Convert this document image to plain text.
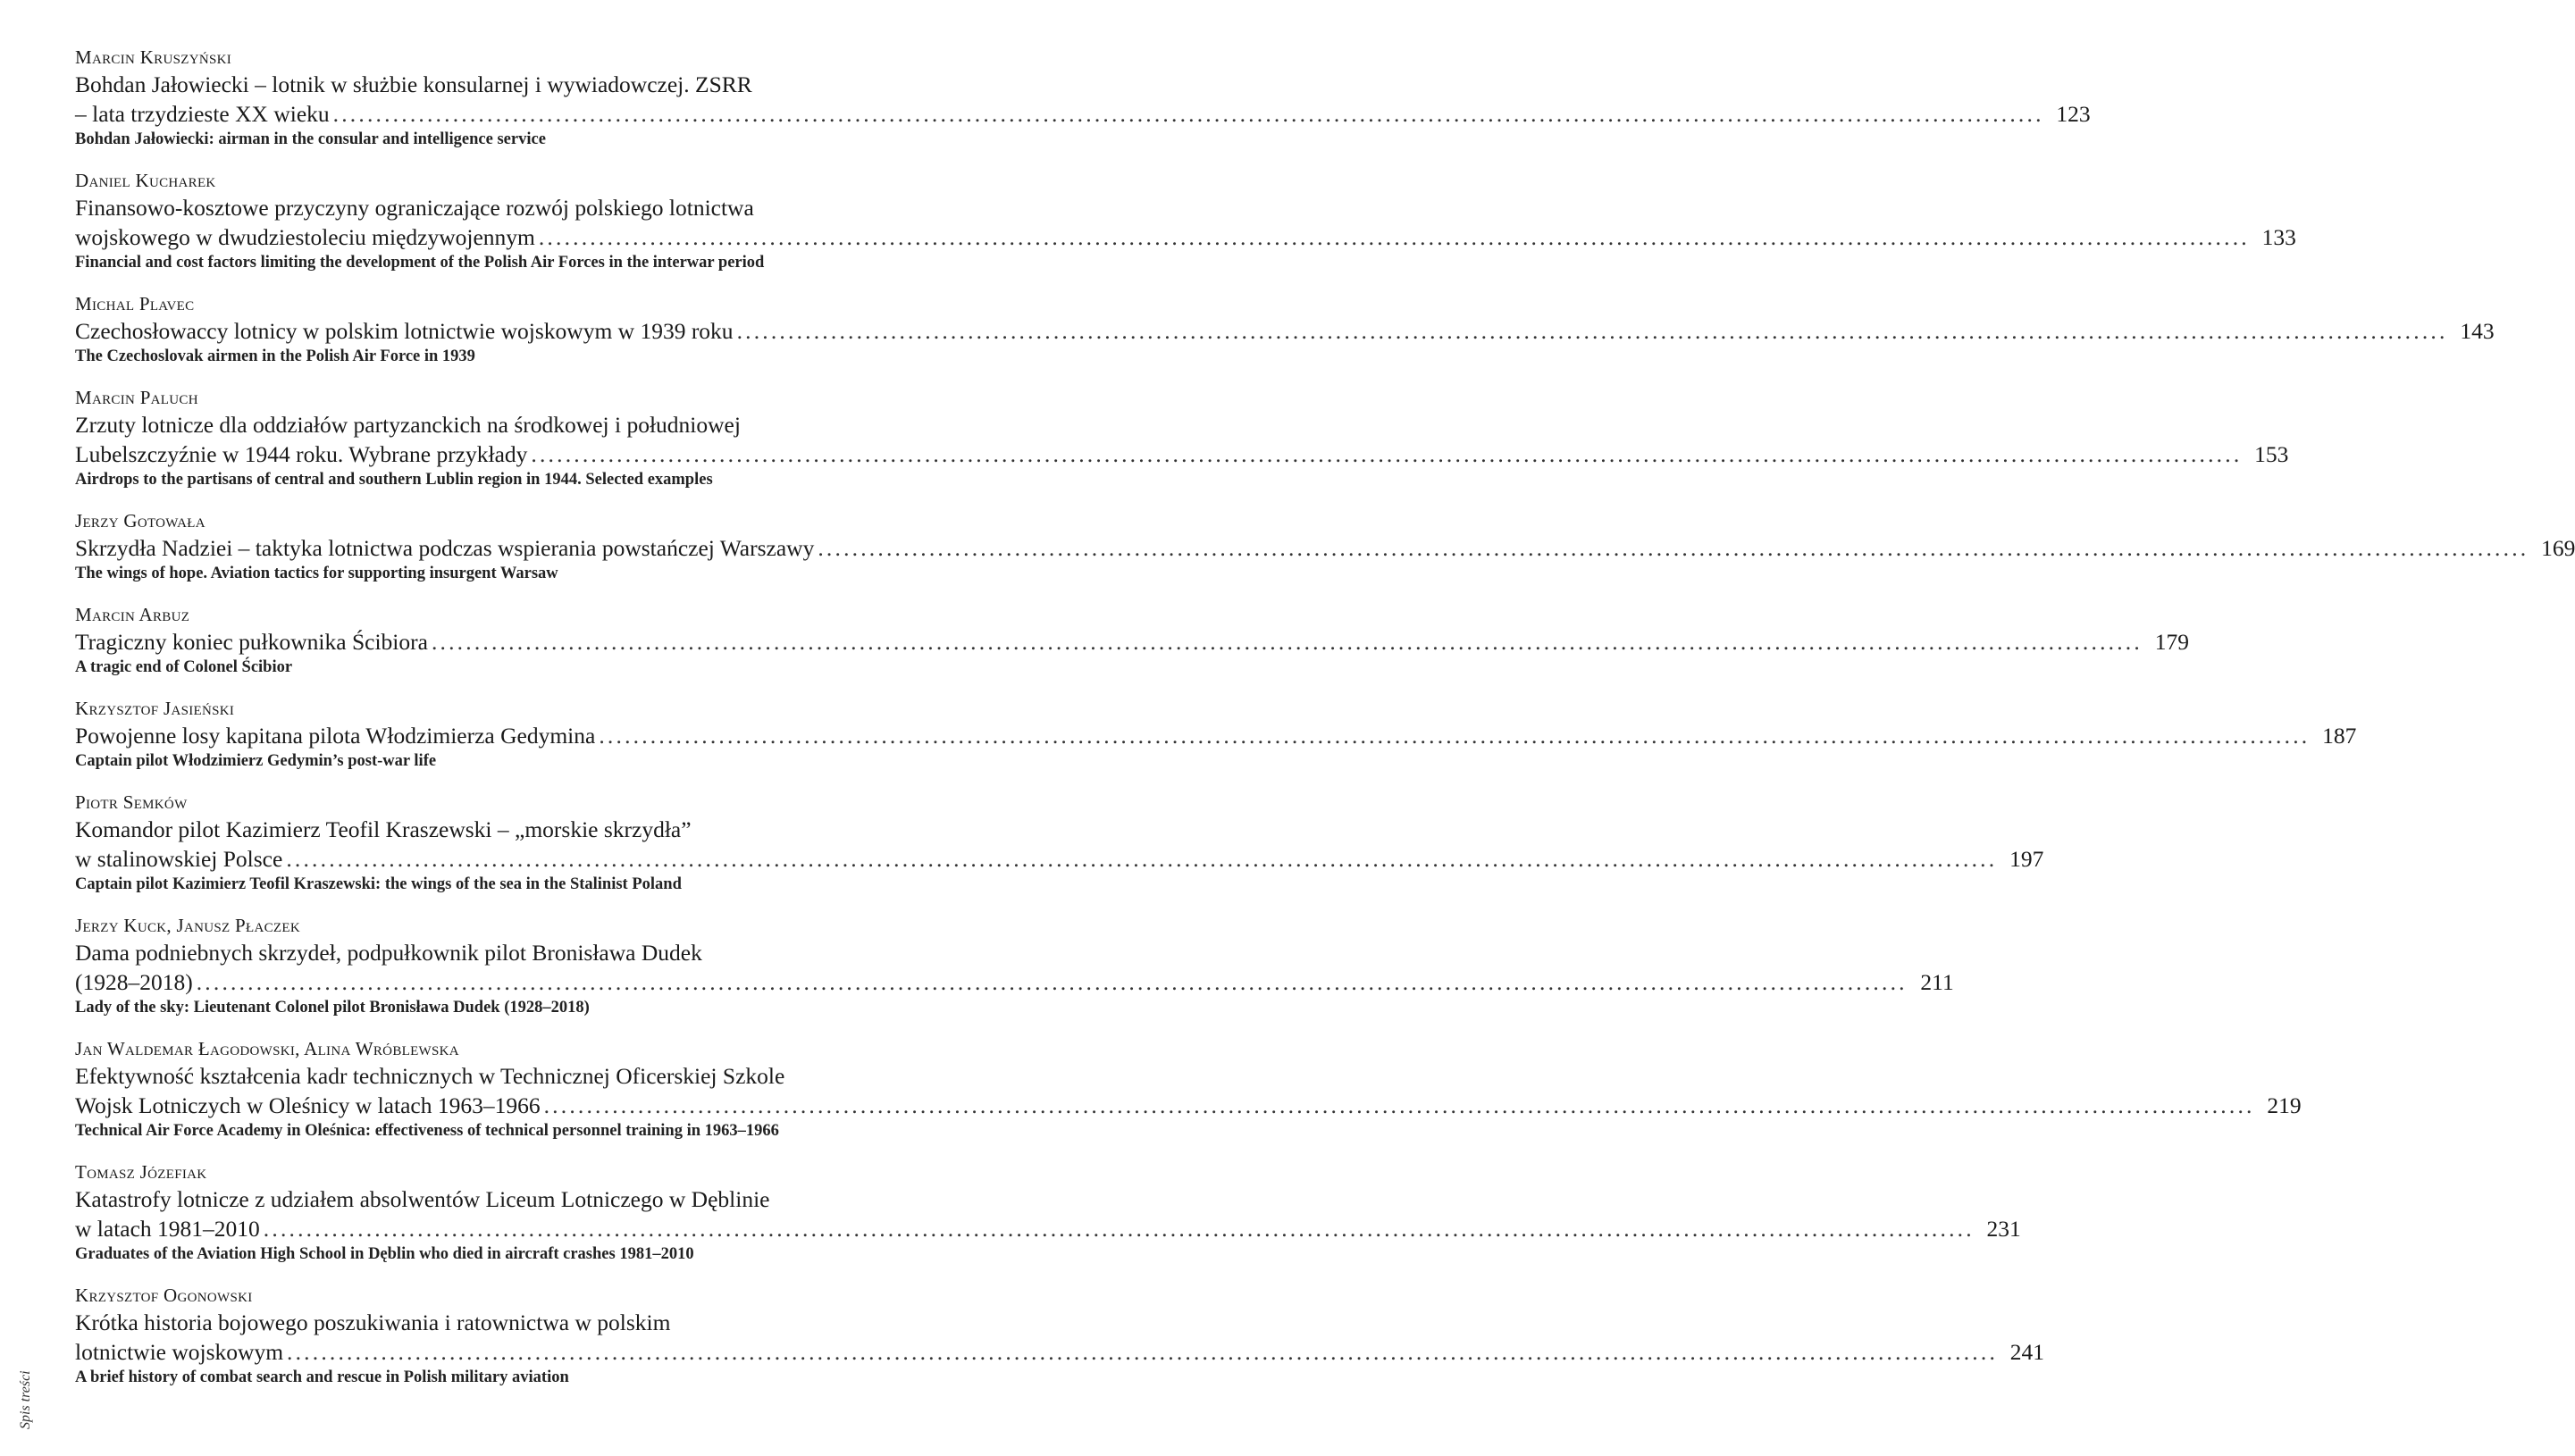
Spis treści
Marcin Kruszyński
Bohdan Jałowiecki – lotnik w służbie konsularnej i wywiadowczej. ZSRR
– lata trzydzieste XX wieku ........................................................................................................................................................................................................ 123
Bohdan Jałowiecki: airman in the consular and intelligence service
Daniel Kucharek
Finansowo-kosztowe przyczyny ograniczające rozwój polskiego lotnictwa
wojskowego w dwudziestoleciu międzywojennym ........................................................................................................................................................................................................ 133
Financial and cost factors limiting the development of the Polish Air Forces in the interwar period
Michal Plavec
Czechosłowaccy lotnicy w polskim lotnictwie wojskowym w 1939 roku ........................................................................................................................................................................................................ 143
The Czechoslovak airmen in the Polish Air Force in 1939
Marcin Paluch
Zrzuty lotnicze dla oddziałów partyzanckich na środkowej i południowej
Lubelszczyźnie w 1944 roku. Wybrane przykłady ........................................................................................................................................................................................................ 153
Airdrops to the partisans of central and southern Lublin region in 1944. Selected examples
Jerzy Gotowała
Skrzydła Nadziei – taktyka lotnictwa podczas wspierania powstańczej Warszawy ........................................................................................................................................................................................................ 169
The wings of hope. Aviation tactics for supporting insurgent Warsaw
Marcin Arbuz
Tragiczny koniec pułkownika Ścibiora ........................................................................................................................................................................................................ 179
A tragic end of Colonel Ścibior
Krzysztof Jasieński
Powojenne losy kapitana pilota Włodzimierza Gedymina ........................................................................................................................................................................................................ 187
Captain pilot Włodzimierz Gedymin’s post-war life
Piotr Semków
Komandor pilot Kazimierz Teofil Kraszewski – „morskie skrzydła”
w stalinowskiej Polsce ........................................................................................................................................................................................................ 197
Captain pilot Kazimierz Teofil Kraszewski: the wings of the sea in the Stalinist Poland
Jerzy Kuck, Janusz Płaczek
Dama podniebnych skrzydeł, podpułkownik pilot Bronisława Dudek
(1928–2018) ........................................................................................................................................................................................................ 211
Lady of the sky: Lieutenant Colonel pilot Bronisława Dudek (1928–2018)
Jan Waldemar Łagodowski, Alina Wróblewska
Efektywność kształcenia kadr technicznych w Technicznej Oficerskiej Szkole
Wojsk Lotniczych w Oleśnicy w latach 1963–1966 ........................................................................................................................................................................................................ 219
Technical Air Force Academy in Oleśnica: effectiveness of technical personnel training in 1963–1966
Tomasz Józefiak
Katastrofy lotnicze z udziałem absolwentów Liceum Lotniczego w Dęblinie
w latach 1981–2010 ........................................................................................................................................................................................................ 231
Graduates of the Aviation High School in Dęblin who died in aircraft crashes 1981–2010
Krzysztof Ogonowski
Krótka historia bojowego poszukiwania i ratownictwa w polskim
lotnictwie wojskowym ........................................................................................................................................................................................................ 241
A brief history of combat search and rescue in Polish military aviation
